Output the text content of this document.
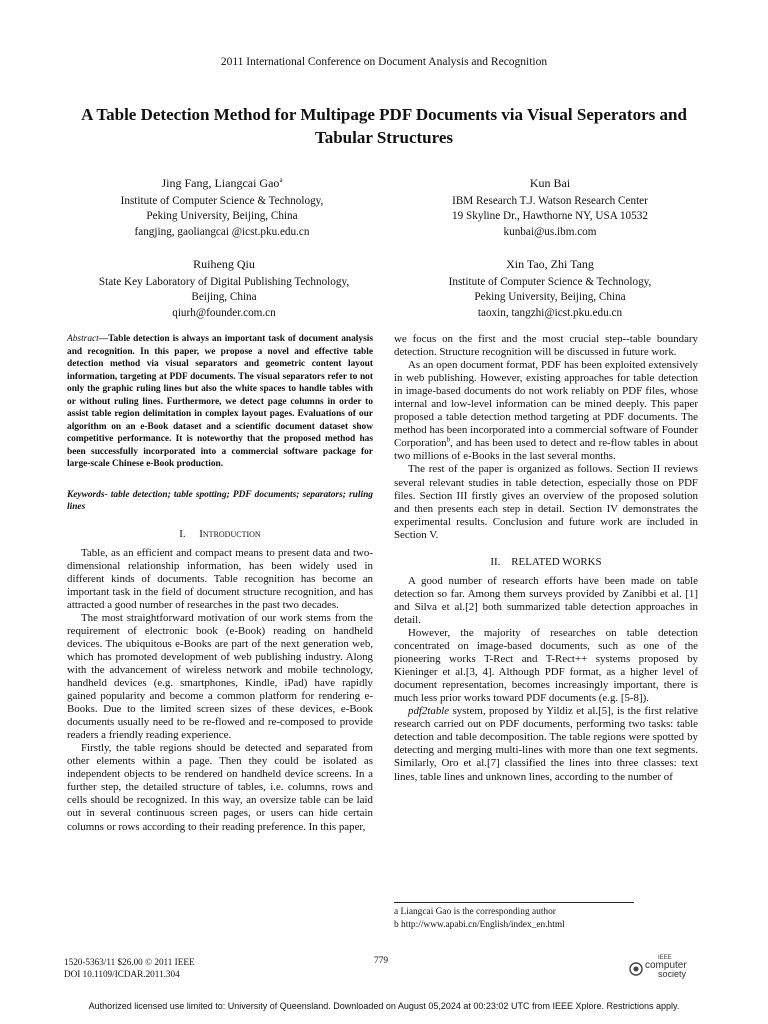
2011 International Conference on Document Analysis and Recognition
A Table Detection Method for Multipage PDF Documents via Visual Seperators and
Tabular Structures
Jing Fang, Liangcai Gao$^a$
Institute of Computer Science & Technology,
Peking University, Beijing, China
fangjing, gaoliangcai @icst.pku.edu.cn
Kun Bai
IBM Research T.J. Watson Research Center
19 Skyline Dr., Hawthorne NY, USA 10532
kunbai@us.ibm.com
Ruiheng Qiu
State Key Laboratory of Digital Publishing Technology,
Beijing, China
qiurh@founder.com.cn
Xin Tao, Zhi Tang
Institute of Computer Science & Technology,
Peking University, Beijing, China
taoxin, tangzhi@icst.pku.edu.cn
Abstract—Table detection is always an important task of document analysis and recognition. In this paper, we propose a novel and effective table detection method via visual separators and geometric content layout information, targeting at PDF documents. The visual separators refer to not only the graphic ruling lines but also the white spaces to handle tables with or without ruling lines. Furthermore, we detect page columns in order to assist table region delimitation in complex layout pages. Evaluations of our algorithm on an e-Book dataset and a scientific document dataset show competitive performance. It is noteworthy that the proposed method has been successfully incorporated into a commercial software package for large-scale Chinese e-Book production.
Keywords- table detection; table spotting; PDF documents; separators; ruling lines
I. Introduction

Table, as an efficient and compact means to present data and two-dimensional relationship information, has been widely used in different kinds of documents. Table recognition has become an important task in the field of document structure recognition, and has attracted a good number of researches in the past two decades.

The most straightforward motivation of our work stems from the requirement of electronic book (e-Book) reading on handheld devices. The ubiquitous e-Books are part of the next generation web, which has promoted development of web publishing industry. Along with the advancement of wireless network and mobile technology, handheld devices (e.g. smartphones, Kindle, iPad) have rapidly gained popularity and become a common platform for rendering e-Books. Due to the limited screen sizes of these devices, e-Book documents usually need to be re-flowed and re-composed to provide readers a friendly reading experience.

Firstly, the table regions should be detected and separated from other elements within a page. Then they could be isolated as independent objects to be rendered on handheld device screens. In a further step, the detailed structure of tables, i.e. columns, rows and cells should be recognized. In this way, an oversize table can be laid out in several continuous screen pages, or users can hide certain columns or rows according to their reading preference. In this paper,

we focus on the first and the most crucial step--table boundary detection. Structure recognition will be discussed in future work.

As an open document format, PDF has been exploited extensively in web publishing. However, existing approaches for table detection in image-based documents do not work reliably on PDF files, whose internal and low-level information can be mined deeply. This paper proposed a table detection method targeting at PDF documents. The method has been incorporated into a commercial software of Founder Corporation$^b$, and has been used to detect and re-flow tables in about two millions of e-Books in the last several months.

The rest of the paper is organized as follows. Section II reviews several relevant studies in table detection, especially those on PDF files. Section III firstly gives an overview of the proposed solution and then presents each step in detail. Section IV demonstrates the experimental results. Conclusion and future work are included in Section V.

II. RELATED WORKS

A good number of research efforts have been made on table detection so far. Among them surveys provided by Zanibbi et al. [1] and Silva et al.[2] both summarized table detection approaches in detail.

However, the majority of researches on table detection concentrated on image-based documents, such as one of the pioneering works T-Rect and T-Rect++ systems proposed by Kieninger et al.[3, 4]. Although PDF format, as a higher level of document representation, becomes increasingly important, there is much less prior works toward PDF documents (e.g. [5-8]).

pdf2table system, proposed by Yildiz et al.[5], is the first relative research carried out on PDF documents, performing two tasks: table detection and table decomposition. The table regions were spotted by detecting and merging multi-lines with more than one text segments. Similarly, Oro et al.[7] classified the lines into three classes: text lines, table lines and unknown lines, according to the number of

a Liangcai Gao is the corresponding author
b http://www.apabi.cn/English/index_en.html
1520-5363/11 $26.00 © 2011 IEEE
DOI 10.1109/ICDAR.2011.304
779	IEEE
computer
society
Authorized licensed use limited to: University of Queensland. Downloaded on August 05,2024 at 00:23:02 UTC from IEEE Xplore. Restrictions apply.
